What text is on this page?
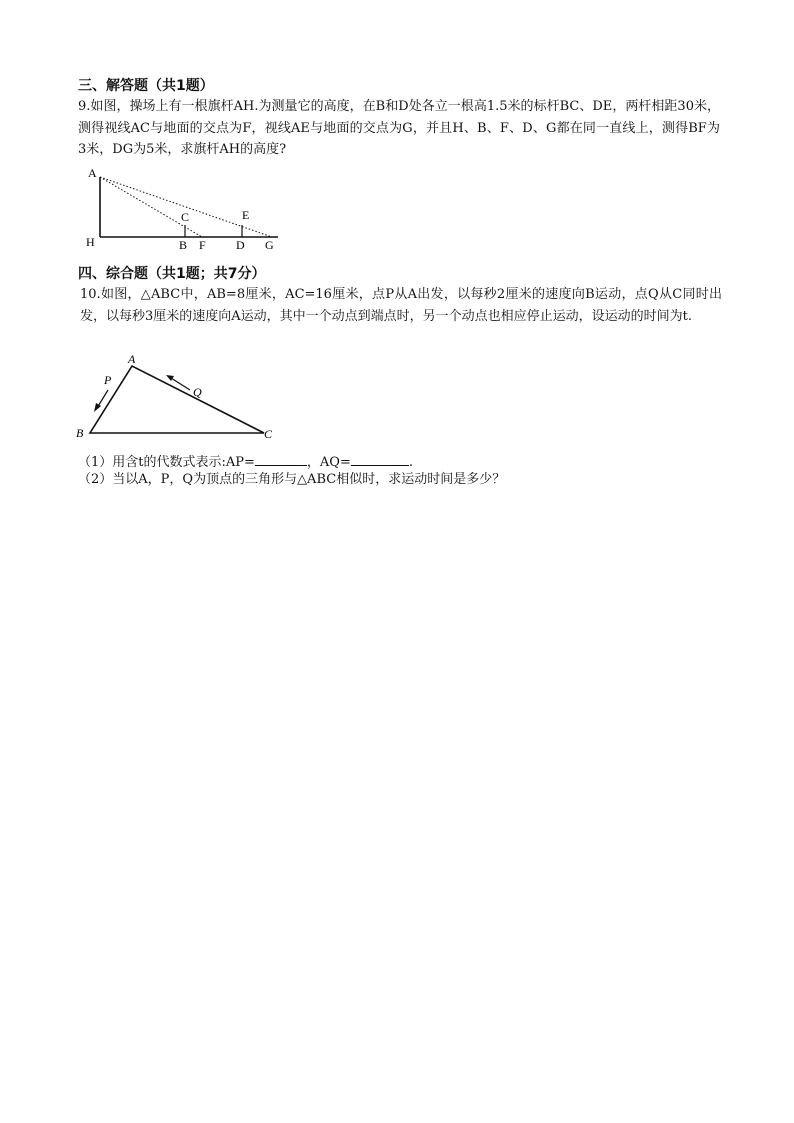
三、解答题（共1题）
9.如图，操场上有一根旗杆AH.为测量它的高度，在B和D处各立一根高1.5米的标杆BC、DE，两杆相距30米，测得视线AC与地面的交点为F，视线AE与地面的交点为G，并且H、B、F、D、G都在同一直线上，测得BF为3米，DG为5米，求旗杆AH的高度?
A
H
C	E
B F	D G
四、综合题（共1题；共7分）
10.如图，△ABC中，AB=8厘米，AC=16厘米，点P从A出发，以每秒2厘米的速度向B运动，点Q从C同时出发，以每秒3厘米的速度向A运动，其中一个动点到端点时，另一个动点也相应停止运动，设运动的时间为t.
A
B	C
P
Q
（1）用含t的代数式表示:AP=	，AQ=	.
（2）当以A，P，Q为顶点的三角形与△ABC相似时，求运动时间是多少？
